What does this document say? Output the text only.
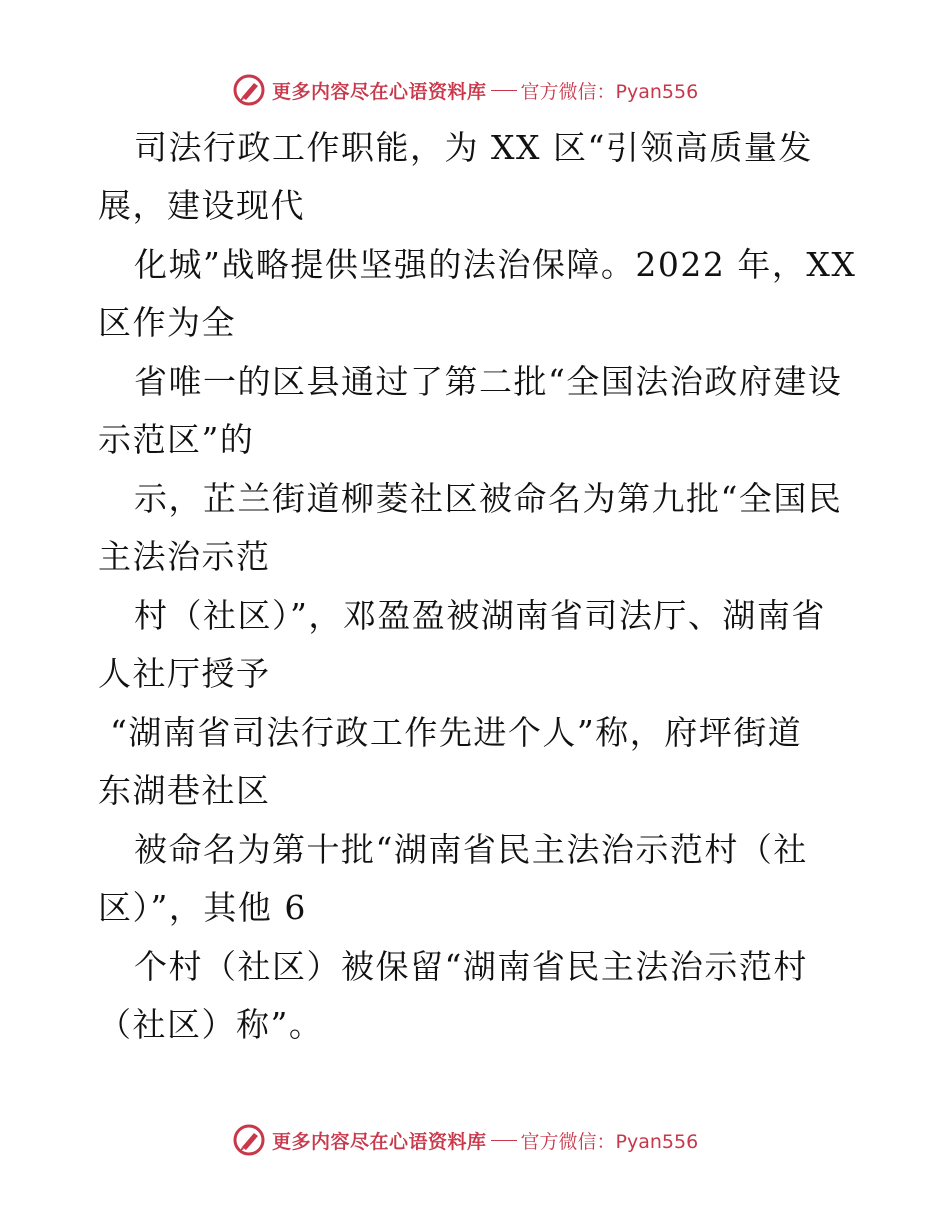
更多内容尽在心语资料库 官方微信：Pyan556
司法行政工作职能，为 XX 区“引领高质量发
展，建设现代
化城”战略提供坚强的法治保障。2022 年，XX
区作为全
省唯一的区县通过了第二批“全国法治政府建设
示范区”的
示，芷兰街道柳菱社区被命名为第九批“全国民
主法治示范
村（社区）”，邓盈盈被湖南省司法厅、湖南省
人社厅授予
“湖南省司法行政工作先进个人”称，府坪街道
东湖巷社区
被命名为第十批“湖南省民主法治示范村（社
区）”，其他 6
个村（社区）被保留“湖南省民主法治示范村
（社区）称”。
更多内容尽在心语资料库 官方微信：Pyan556
